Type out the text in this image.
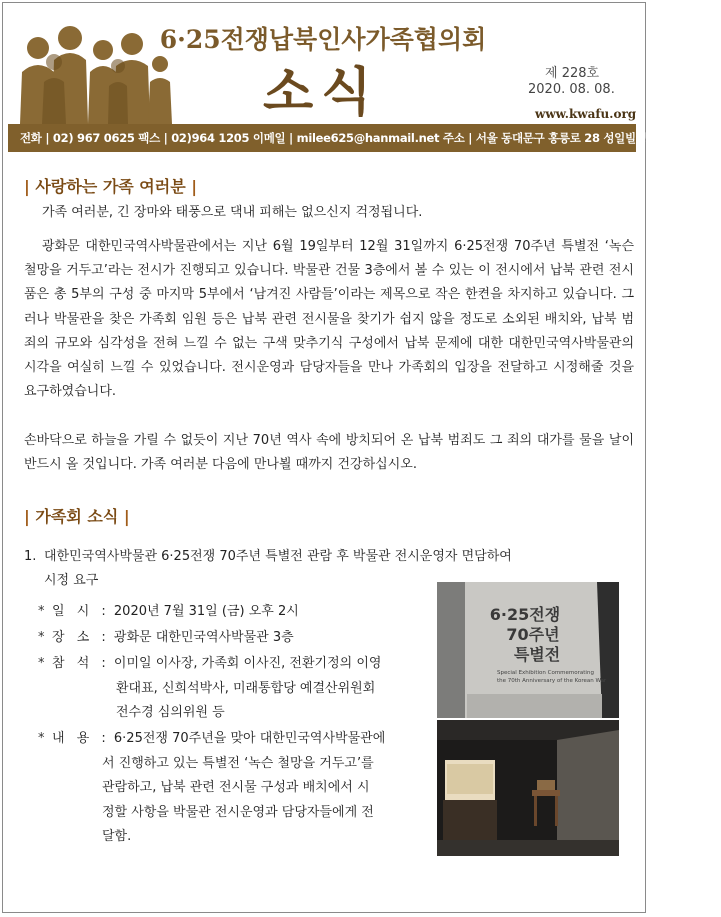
6·25전쟁납북인사가족협의회
소식	제 228호
2020. 08. 08.
www.kwafu.org
전화 | 02) 967 0625 팩스 | 02)964 1205 이메일 | milee625@hanmail.net 주소 | 서울 동대문구 홍릉로 28 성일빌딩 2층 (02490)
| 사랑하는 가족 여러분 |
가족 여러분, 긴 장마와 태풍으로 댁내 피해는 없으신지 걱정됩니다.
광화문 대한민국역사박물관에서는 지난 6월 19일부터 12월 31일까지 6·25전쟁 70주년 특별전 ‘녹슨 철망을 거두고’라는 전시가 진행되고 있습니다. 박물관 건물 3층에서 볼 수 있는 이 전시에서 납북 관련 전시품은 총 5부의 구성 중 마지막 5부에서 ‘남겨진 사람들’이라는 제목으로 작은 한켠을 차지하고 있습니다. 그러나 박물관을 찾은 가족회 임원 등은 납북 관련 전시물을 찾기가 쉽지 않을 정도로 소외된 배치와, 납북 범죄의 규모와 심각성을 전혀 느낄 수 없는 구색 맞추기식 구성에서 납북 문제에 대한 대한민국역사박물관의 시각을 여실히 느낄 수 있었습니다. 전시운영과 담당자들을 만나 가족회의 입장을 전달하고 시정해줄 것을 요구하였습니다.
손바닥으로 하늘을 가릴 수 없듯이 지난 70년 역사 속에 방치되어 온 납북 범죄도 그 죄의 대가를 물을 날이 반드시 올 것입니다. 가족 여러분 다음에 만나뵐 때까지 건강하십시오.
| 가족회 소식 |
1. 대한민국역사박물관 6·25전쟁 70주년 특별전 관람 후 박물관 전시운영자 면담하여
시정 요구
* 일 시 : 2020년 7월 31일 (금) 오후 2시
* 장 소 : 광화문 대한민국역사박물관 3층
* 참 석 : 이미일 이사장, 가족회 이사진, 전환기정의 이영
환대표, 신희석박사, 미래통합당 예결산위원회
전수경 심의위원 등
* 내 용 : 6·25전쟁 70주년을 맞아 대한민국역사박물관에
서 진행하고 있는 특별전 ‘녹슨 철망을 거두고’를
관람하고, 납북 관련 전시물 구성과 배치에서 시
정할 사항을 박물관 전시운영과 담당자들에게 전
달함.
6·25전쟁
70주년
특별전
Special Exhibition Commemorating
the 70th Anniversary of the Korean War
